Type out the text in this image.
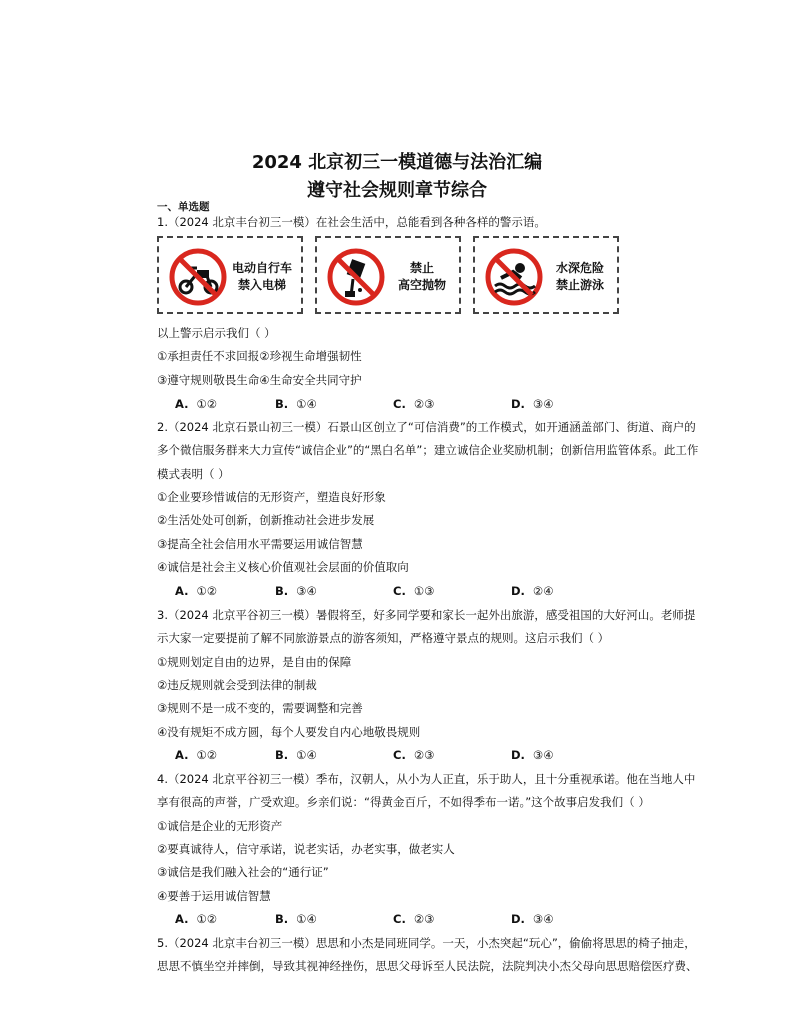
2024 北京初三一模道德与法治汇编
遵守社会规则章节综合
一、单选题
1.（2024 北京丰台初三一模）在社会生活中，总能看到各种各样的警示语。
电动自行车
禁入电梯
禁止
高空抛物
水深危险
禁止游泳
以上警示启示我们（ ）
①承担责任不求回报②珍视生命增强韧性
③遵守规则敬畏生命④生命安全共同守护
A. ①②	B. ①④	C. ②③	D. ③④
2.（2024 北京石景山初三一模）石景山区创立了“可信消费”的工作模式，如开通涵盖部门、街道、商户的
多个微信服务群来大力宣传“诚信企业”的“黑白名单”；建立诚信企业奖励机制；创新信用监管体系。此工作
模式表明（ ）
①企业要珍惜诚信的无形资产，塑造良好形象
②生活处处可创新，创新推动社会进步发展
③提高全社会信用水平需要运用诚信智慧
④诚信是社会主义核心价值观社会层面的价值取向
A. ①②	B. ③④	C. ①③	D. ②④
3.（2024 北京平谷初三一模）暑假将至，好多同学要和家长一起外出旅游，感受祖国的大好河山。老师提
示大家一定要提前了解不同旅游景点的游客须知，严格遵守景点的规则。这启示我们（ ）
①规则划定自由的边界，是自由的保障
②违反规则就会受到法律的制裁
③规则不是一成不变的，需要调整和完善
④没有规矩不成方圆，每个人要发自内心地敬畏规则
A. ①②	B. ①④	C. ②③	D. ③④
4.（2024 北京平谷初三一模）季布，汉朝人，从小为人正直，乐于助人，且十分重视承诺。他在当地人中
享有很高的声誉，广受欢迎。乡亲们说：“得黄金百斤，不如得季布一诺。”这个故事启发我们（ ）
①诚信是企业的无形资产
②要真诚待人，信守承诺，说老实话，办老实事，做老实人
③诚信是我们融入社会的“通行证”
④要善于运用诚信智慧
A. ①②	B. ①④	C. ②③	D. ③④
5.（2024 北京丰台初三一模）思思和小杰是同班同学。一天，小杰突起“玩心”，偷偷将思思的椅子抽走，
思思不慎坐空并摔倒，导致其视神经挫伤，思思父母诉至人民法院，法院判决小杰父母向思思赔偿医疗费、
